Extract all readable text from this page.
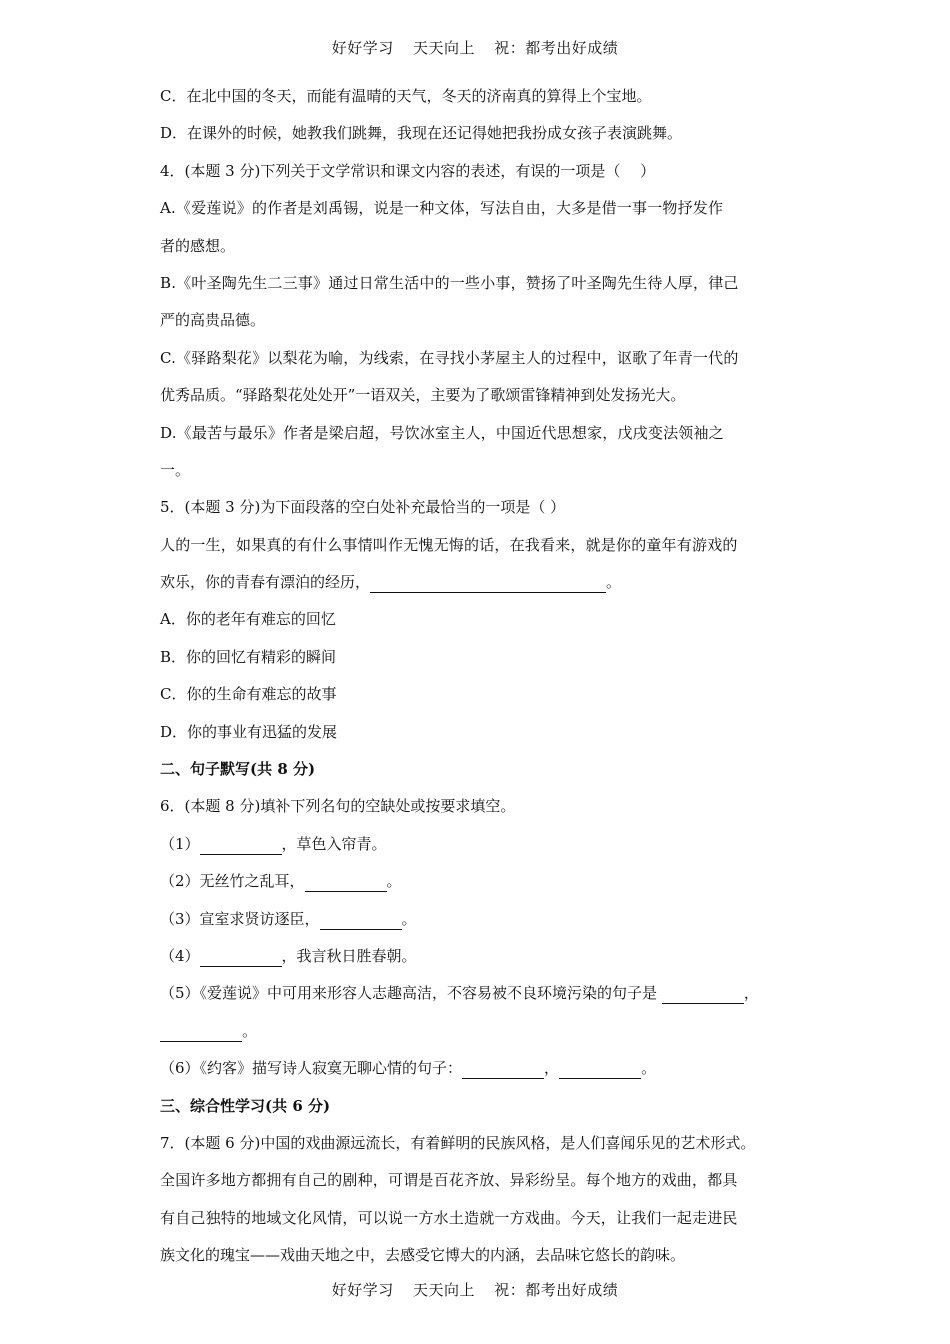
好好学习 天天向上 祝：都考出好成绩
C．在北中国的冬天，而能有温晴的天气，冬天的济南真的算得上个宝地。
D．在课外的时候，她教我们跳舞，我现在还记得她把我扮成女孩子表演跳舞。
4．(本题 3 分)下列关于文学常识和课文内容的表述，有误的一项是（　 ）
A.《爱莲说》的作者是刘禹锡，说是一种文体，写法自由，大多是借一事一物抒发作
者的感想。
B.《叶圣陶先生二三事》通过日常生活中的一些小事，赞扬了叶圣陶先生待人厚，律己
严的高贵品德。
C.《驿路梨花》以梨花为喻，为线索，在寻找小茅屋主人的过程中，讴歌了年青一代的
优秀品质。“驿路梨花处处开”一语双关，主要为了歌颂雷锋精神到处发扬光大。
D.《最苦与最乐》作者是梁启超，号饮冰室主人，中国近代思想家，戊戌变法领袖之
一。
5．(本题 3 分)为下面段落的空白处补充最恰当的一项是（ ）
人的一生，如果真的有什么事情叫作无愧无悔的话，在我看来，就是你的童年有游戏的
欢乐，你的青春有漂泊的经历，	。
A．你的老年有难忘的回忆
B．你的回忆有精彩的瞬间
C．你的生命有难忘的故事
D．你的事业有迅猛的发展
二、句子默写(共 8 分)
6．(本题 8 分)填补下列名句的空缺处或按要求填空。
（1）	，草色入帘青。
（2）无丝竹之乱耳，	。
（3）宣室求贤访逐臣，	。
（4）	，我言秋日胜春朝。
（5）《爱莲说》中可用来形容人志趣高洁，不容易被不良环境污染的句子是	，
。
（6）《约客》描写诗人寂寞无聊心情的句子：	，	。
三、综合性学习(共 6 分)
7．(本题 6 分)中国的戏曲源远流长，有着鲜明的民族风格，是人们喜闻乐见的艺术形式。
全国许多地方都拥有自己的剧种，可谓是百花齐放、异彩纷呈。每个地方的戏曲，都具
有自己独特的地域文化风情，可以说一方水土造就一方戏曲。今天，让我们一起走进民
族文化的瑰宝——戏曲天地之中，去感受它博大的内涵，去品味它悠长的韵味。
好好学习 天天向上 祝：都考出好成绩
